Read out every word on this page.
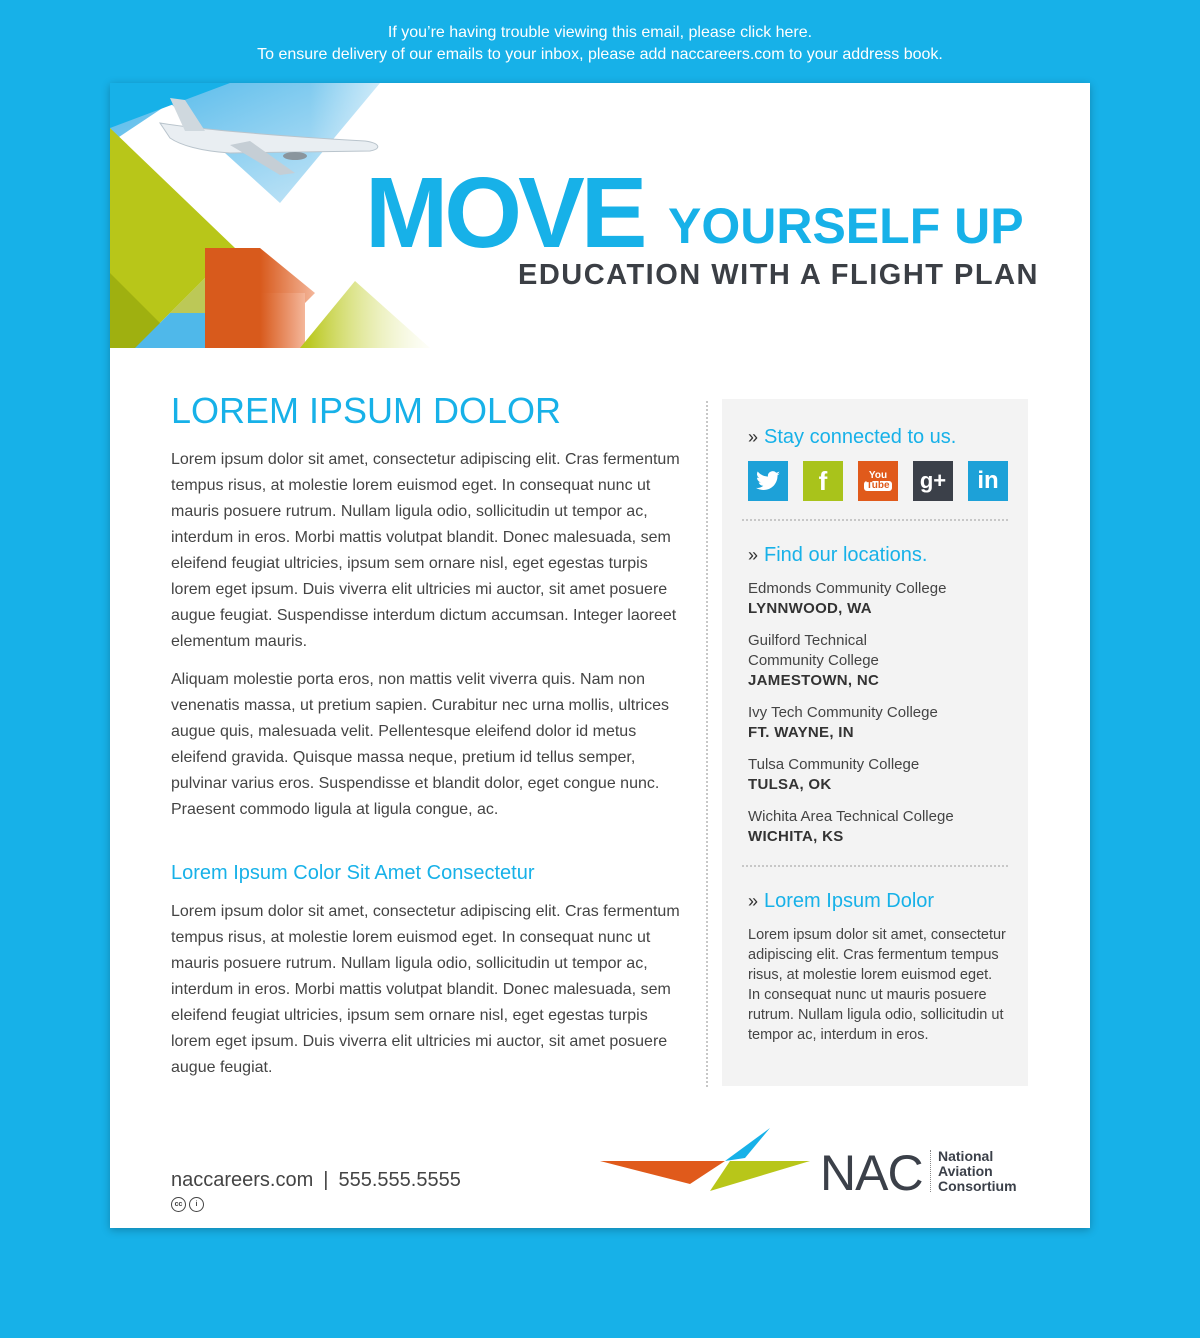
If you’re having trouble viewing this email, please click here.
To ensure delivery of our emails to your inbox, please add naccareers.com to your address book.
MOVE YOURSELF UP
EDUCATION WITH A FLIGHT PLAN
LOREM IPSUM DOLOR

Lorem ipsum dolor sit amet, consectetur adipiscing elit. Cras fermentum tempus risus, at molestie lorem euismod eget. In consequat nunc ut mauris posuere rutrum. Nullam ligula odio, sollicitudin ut tempor ac, interdum in eros. Morbi mattis volutpat blandit. Donec malesuada, sem eleifend feugiat ultricies, ipsum sem ornare nisl, eget egestas turpis lorem eget ipsum. Duis viverra elit ultricies mi auctor, sit amet posuere augue feugiat. Suspendisse interdum dictum accumsan. Integer laoreet elementum mauris.

Aliquam molestie porta eros, non mattis velit viverra quis. Nam non venenatis massa, ut pretium sapien. Curabitur nec urna mollis, ultrices augue quis, malesuada velit. Pellentesque eleifend dolor id metus eleifend gravida. Quisque massa neque, pretium id tellus semper, pulvinar varius eros. Suspendisse et blandit dolor, eget congue nunc. Praesent commodo ligula at ligula congue, ac.

Lorem Ipsum Color Sit Amet Consectetur

Lorem ipsum dolor sit amet, consectetur adipiscing elit. Cras fermentum tempus risus, at molestie lorem euismod eget. In consequat nunc ut mauris posuere rutrum. Nullam ligula odio, sollicitudin ut tempor ac, interdum in eros. Morbi mattis volutpat blandit. Donec malesuada, sem eleifend feugiat ultricies, ipsum sem ornare nisl, eget egestas turpis lorem eget ipsum. Duis viverra elit ultricies mi auctor, sit amet posuere augue feugiat.

» Stay connected to us.
f	You
Tube g+ in
» Find our locations.
Edmonds Community College
LYNNWOOD, WA
Guilford Technical
Community College
JAMESTOWN, NC
Ivy Tech Community College
FT. WAYNE, IN
Tulsa Community College
TULSA, OK
Wichita Area Technical College
WICHITA, KS
» Lorem Ipsum Dolor
Lorem ipsum dolor sit amet, consectetur adipiscing elit. Cras fermentum tempus risus, at molestie lorem euismod eget. In consequat nunc ut mauris posuere rutrum. Nullam ligula odio, sollicitudin ut tempor ac, interdum in eros.
naccareers.com | 555.555.5555
cc	i
NAC National
Aviation
Consortium
